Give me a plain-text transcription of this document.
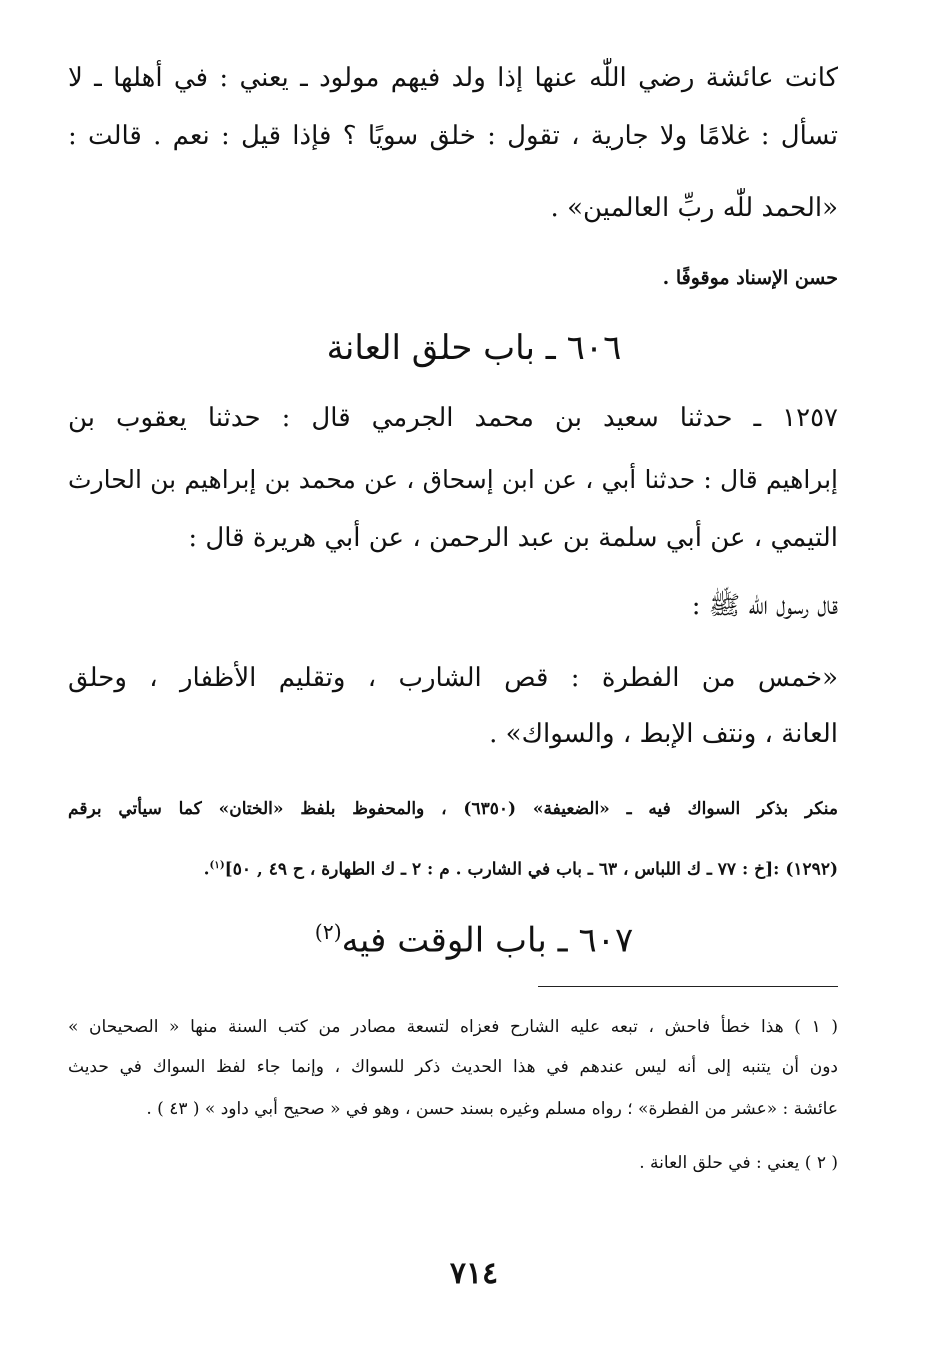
كانت عائشة رضي اللّٰه عنها إذا ولد فيهم مولود ـ يعني : في أهلها ـ لا
تسأل : غلامًا ولا جارية ، تقول : خلق سويًا ؟ فإذا قيل : نعم . قالت :
«الحمد للّٰه ربِّ العالمين» .
حسن الإسناد موقوفًا .
٦٠٦ ـ باب حلق العانة
١٢٥٧ ـ حدثنا سعيد بن محمد الجرمي قال : حدثنا يعقوب بن
إبراهيم قال : حدثنا أبي ، عن ابن إسحاق ، عن محمد بن إبراهيم بن الحارث
التيمي ، عن أبي سلمة بن عبد الرحمن ، عن أبي هريرة قال :
قال رسول الله ﷺ :
«خمس من الفطرة : قص الشارب ، وتقليم الأظفار ، وحلق
العانة ، ونتف الإبط ، والسواك» .
منكر بذكر السواك فيه ـ «الضعيفة» (٦٣٥٠) ، والمحفوظ بلفظ «الختان» كما سيأتي برقم
(١٢٩٢) :[خ : ٧٧ ـ ك اللباس ، ٦٣ ـ باب في الشارب . م : ٢ ـ ك الطهارة ، ح ٤٩ , ٥٠]$^{(١)}$.
٦٠٧ ـ باب الوقت فيه$^{(٢)}$
( ١ ) هذا خطأ فاحش ، تبعه عليه الشارح فعزاه لتسعة مصادر من كتب السنة منها « الصحيحان »
دون أن يتنبه إلى أنه ليس عندهم في هذا الحديث ذكر للسواك ، وإنما جاء لفظ السواك في حديث
عائشة : «عشر من الفطرة» ؛ رواه مسلم وغيره بسند حسن ، وهو في « صحيح أبي داود » ( ٤٣ ) .
( ٢ ) يعني : في حلق العانة .
٧١٤
